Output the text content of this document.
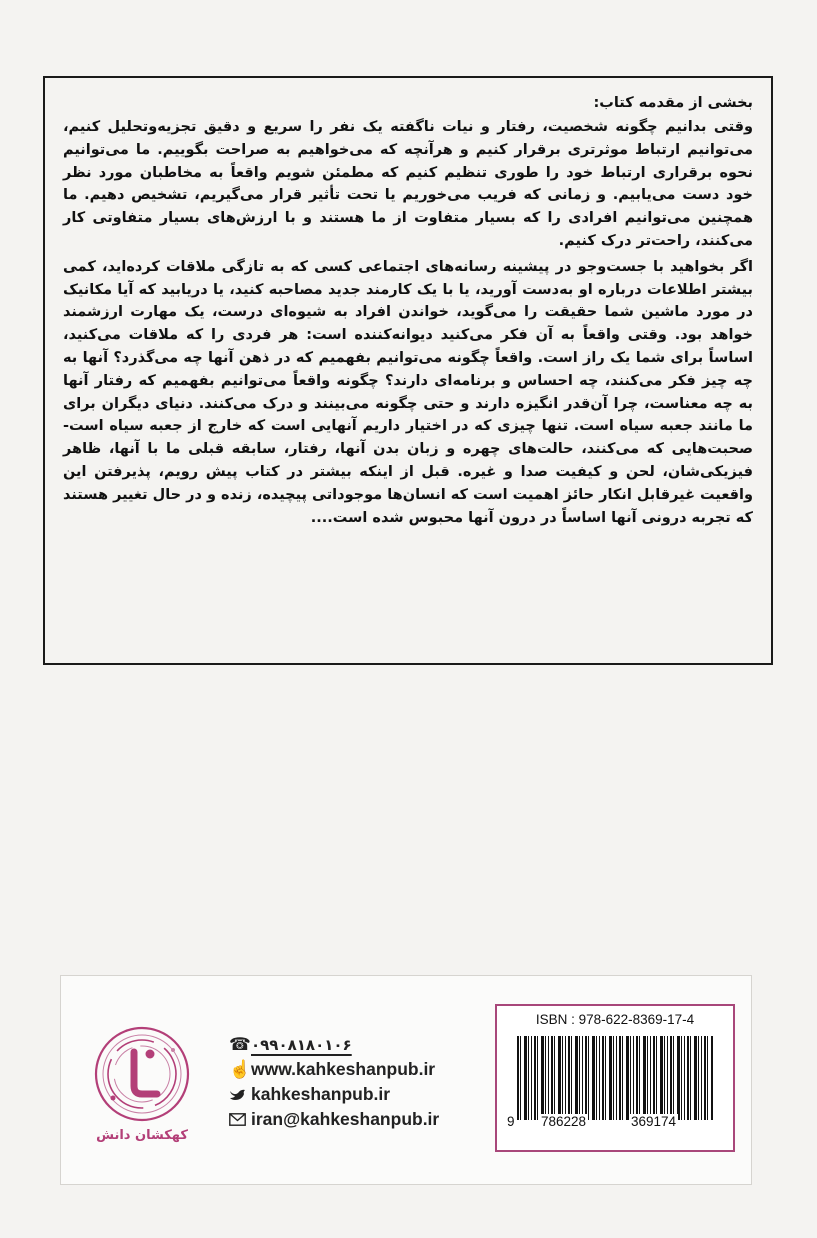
بخشی از مقدمه کتاب:

وقتی بدانیم چگونه شخصیت، رفتار و نیات ناگفته یک نفر را سریع و دقیق تجزیه‌وتحلیل کنیم، می‌توانیم ارتباط موثرتری برقرار کنیم و هرآنچه که می‌خواهیم به صراحت بگوییم. ما می‌توانیم نحوه برقراری ارتباط خود را طوری تنظیم کنیم که مطمئن شویم واقعاً به مخاطبان مورد نظر خود دست می‌یابیم. و زمانی که فریب می‌خوریم یا تحت تأثیر قرار می‌گیریم، تشخیص دهیم. ما همچنین می‌توانیم افرادی را که بسیار متفاوت از ما هستند و با ارزش‌های بسیار متفاوتی کار می‌کنند، راحت‌تر درک کنیم.

اگر بخواهید با جست‌وجو در پیشینه رسانه‌های اجتماعی کسی که به تازگی ملاقات کرده‌اید، کمی بیشتر اطلاعات درباره او به‌دست آورید، یا با یک کارمند جدید مصاحبه کنید، یا دریابید که آیا مکانیک در مورد ماشین شما حقیقت را می‌گوید، خواندن افراد به شیوه‌ای درست، یک مهارت ارزشمند خواهد بود. وقتی واقعاً به آن فکر می‌کنید دیوانه‌کننده است: هر فردی را که ملاقات می‌کنید، اساساً برای شما یک راز است. واقعاً چگونه می‌توانیم بفهمیم که در ذهن آنها چه می‌گذرد؟ آنها به چه چیز فکر می‌کنند، چه احساس و برنامه‌ای دارند؟ چگونه واقعاً می‌توانیم بفهمیم که رفتار آنها به چه معناست، چرا آن‌قدر انگیزه دارند و حتی چگونه می‌بینند و درک می‌کنند. دنیای دیگران برای ما مانند جعبه سیاه است. تنها چیزی که در اختیار داریم آنهایی است که خارج از جعبه سیاه است- صحبت‌هایی که می‌کنند، حالت‌های چهره و زبان بدن آنها، رفتار، سابقه قبلی ما با آنها، ظاهر فیزیکی‌شان، لحن و کیفیت صدا و غیره. قبل از اینکه بیشتر در کتاب پیش رویم، پذیرفتن این واقعیت غیرقابل انکار حائز اهمیت است که انسان‌ها موجوداتی پیچیده، زنده و در حال تغییر هستند که تجربه درونی آنها اساساً در درون آنها محبوس شده است....

کهکشان دانش
☎۰۹۹۰۸۱۸۰۱۰۶
☝www.kahkeshanpub.ir
kahkeshanpub.ir
iran@kahkeshanpub.ir
ISBN : 978-622-8369-17-4
9 786228	369174
